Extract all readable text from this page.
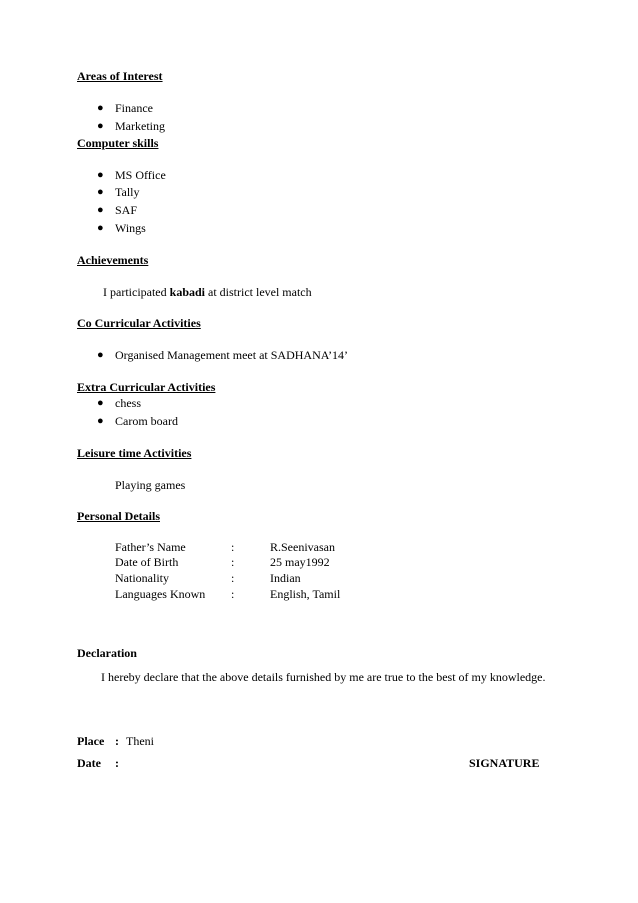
Areas of Interest
● Finance
● Marketing
Computer skills
● MS Office
● Tally
● SAF
● Wings
Achievements
I participated kabadi at district level match
Co Curricular Activities
● Organised Management meet at SADHANA’14’
Extra Curricular Activities
● chess
● Carom board
Leisure time Activities
Playing games
Personal Details
Father’s Name	:	R.Seenivasan
Date of Birth	:	25 may1992
Nationality	:	Indian
Languages Known :	English, Tamil
Declaration
I hereby declare that the above details furnished by me are true to the best of my knowledge.
Place : Theni
Date :	SIGNATURE
